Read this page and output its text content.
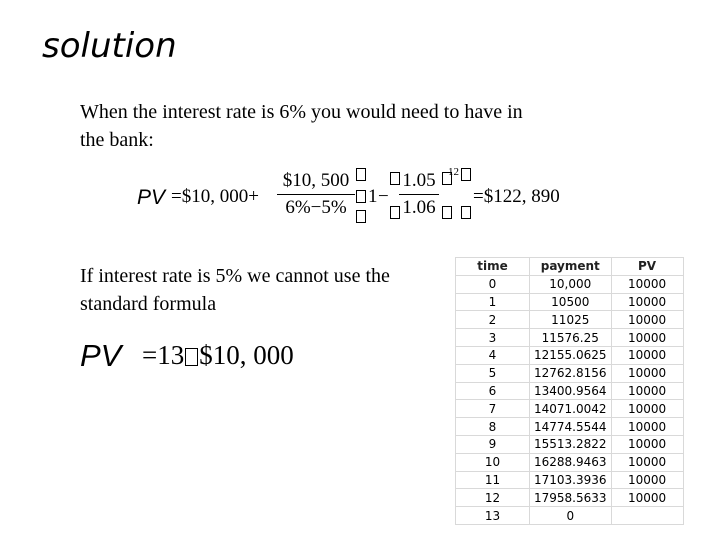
solution
When the interest rate is 6% you would need to have in the bank:
PV =$10, 000+
$10, 500
6%−5%
1 −
1.05
1.06
12
=$122, 890
If interest rate is 5% we cannot use the standard formula
PV =13 $10, 000
time	payment	PV
0	10,000	10000
1	10500	10000
2	11025	10000
3	11576.25	10000
4	12155.0625	10000
5	12762.8156	10000
6	13400.9564	10000
7	14071.0042	10000
8	14774.5544	10000
9	15513.2822	10000
10	16288.9463	10000
11	17103.3936	10000
12	17958.5633	10000
13	0	
